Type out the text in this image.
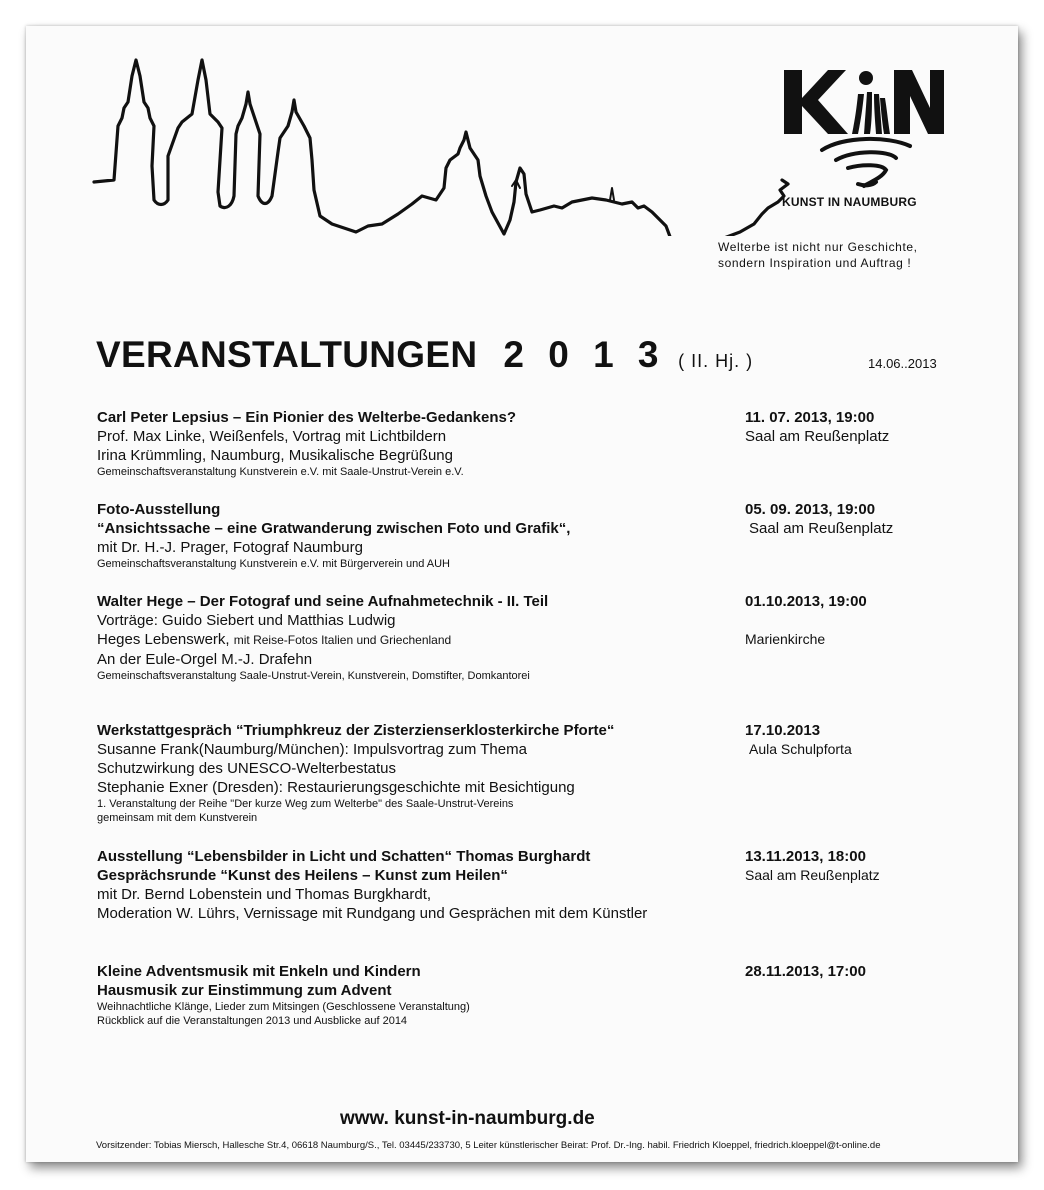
KUNST IN NAUMBURG
Welterbe ist nicht nur Geschichte,
sondern Inspiration und Auftrag !
VERANSTALTUNGEN 2 0 1 3 ( II. Hj. )	14.06..2013
Carl Peter Lepsius – Ein Pionier des Welterbe-Gedankens?
Prof. Max Linke, Weißenfels, Vortrag mit Lichtbildern
Irina Krümmling, Naumburg, Musikalische Begrüßung
Gemeinschaftsveranstaltung Kunstverein e.V. mit Saale-Unstrut-Verein e.V.
11. 07. 2013, 19:00
Saal am Reußenplatz
Foto-Ausstellung
“Ansichtssache – eine Gratwanderung zwischen Foto und Grafik“,
mit Dr. H.-J. Prager, Fotograf Naumburg
Gemeinschaftsveranstaltung Kunstverein e.V. mit Bürgerverein und AUH
05. 09. 2013, 19:00
Saal am Reußenplatz
Walter Hege – Der Fotograf und seine Aufnahmetechnik - II. Teil
Vorträge: Guido Siebert und Matthias Ludwig
Heges Lebenswerk, mit Reise-Fotos Italien und Griechenland
An der Eule-Orgel M.-J. Drafehn
Gemeinschaftsveranstaltung Saale-Unstrut-Verein, Kunstverein, Domstifter, Domkantorei
01.10.2013, 19:00

Marienkirche
Werkstattgespräch “Triumphkreuz der Zisterzienserklosterkirche Pforte“
Susanne Frank(Naumburg/München): Impulsvortrag zum Thema
Schutzwirkung des UNESCO-Welterbestatus
Stephanie Exner (Dresden): Restaurierungsgeschichte mit Besichtigung
1. Veranstaltung der Reihe "Der kurze Weg zum Welterbe" des Saale-Unstrut-Vereins
gemeinsam mit dem Kunstverein
17.10.2013
Aula Schulpforta
Ausstellung “Lebensbilder in Licht und Schatten“ Thomas Burghardt
Gesprächsrunde “Kunst des Heilens – Kunst zum Heilen“
mit Dr. Bernd Lobenstein und Thomas Burgkhardt,
Moderation W. Lührs, Vernissage mit Rundgang und Gesprächen mit dem Künstler
13.11.2013, 18:00
Saal am Reußenplatz
Kleine Adventsmusik mit Enkeln und Kindern
Hausmusik zur Einstimmung zum Advent
Weihnachtliche Klänge, Lieder zum Mitsingen (Geschlossene Veranstaltung)
Rückblick auf die Veranstaltungen 2013 und Ausblicke auf 2014
28.11.2013, 17:00
www. kunst-in-naumburg.de
Vorsitzender: Tobias Miersch, Hallesche Str.4, 06618 Naumburg/S., Tel. 03445/233730, 5 Leiter künstlerischer Beirat: Prof. Dr.-Ing. habil. Friedrich Kloeppel, friedrich.kloeppel@t-online.de
